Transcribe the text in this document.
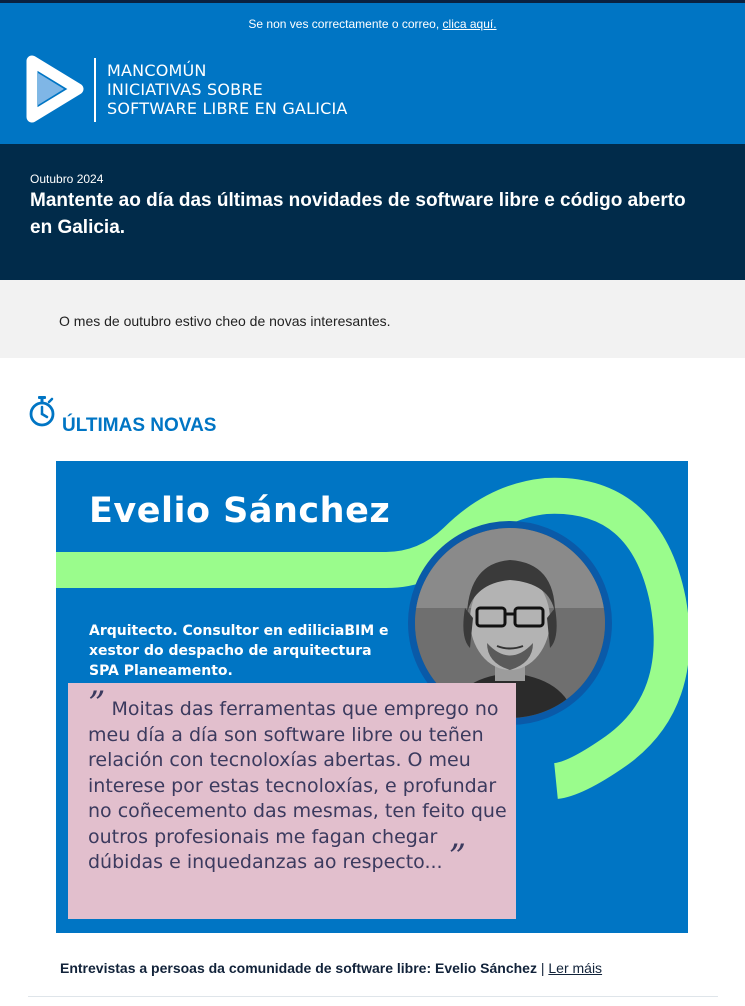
Se non ves correctamente o correo, clica aquí.
MANCOMÚN
INICIATIVAS SOBRE
SOFTWARE LIBRE EN GALICIA
Outubro 2024
Mantente ao día das últimas novidades de software libre e código aberto en Galicia.
O mes de outubro estivo cheo de novas interesantes.
ÚLTIMAS NOVAS
Evelio Sánchez
Arquitecto. Consultor en ediliciaBIM e xestor do despacho de arquitectura SPA Planeamento.
” Moitas das ferramentas que emprego no meu día a día son software libre ou teñen relación con tecnoloxías abertas. O meu interese por estas tecnoloxías, e profundar no coñecemento das mesmas, ten feito que outros profesionais me fagan chegar dúbidas e inquedanzas ao respecto... ”
Entrevistas a persoas da comunidade de software libre: Evelio Sánchez | Ler máis
